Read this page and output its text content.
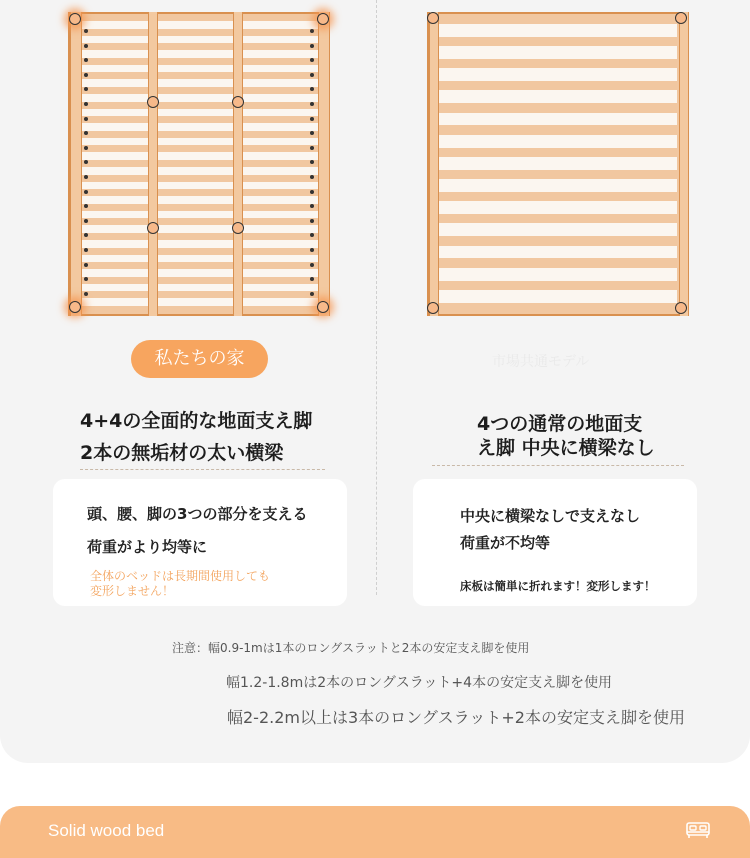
私たちの家	市場共通モデル
4+4の全面的な地面支え脚
2本の無垢材の太い横梁
4つの通常の地面支
え脚 中央に横梁なし
頭、腰、脚の3つの部分を支える
荷重がより均等に
全体のベッドは長期間使用しても
変形しません！
中央に横梁なしで支えなし
荷重が不均等
床板は簡単に折れます！変形します！
注意：幅0.9-1mは1本のロングスラットと2本の安定支え脚を使用
幅1.2-1.8mは2本のロングスラット+4本の安定支え脚を使用
幅2-2.2m以上は3本のロングスラット+2本の安定支え脚を使用
Solid wood bed
